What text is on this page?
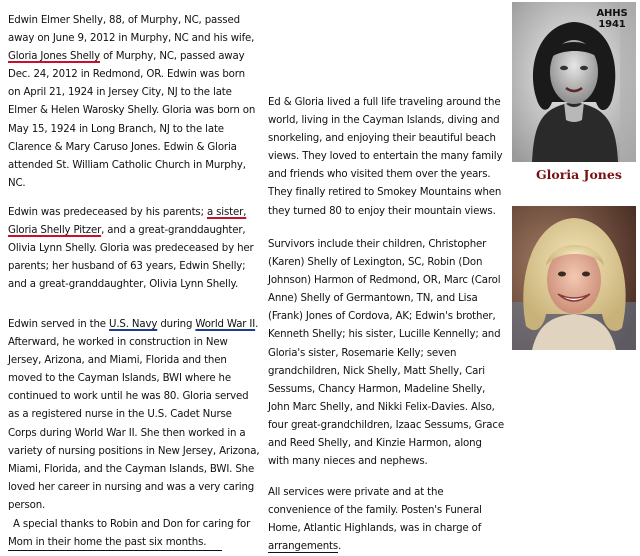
Edwin Elmer Shelly, 88, of Murphy, NC, passed away on June 9, 2012 in Murphy, NC and his wife, Gloria Jones Shelly of Murphy, NC, passed away Dec. 24, 2012 in Redmond, OR. Edwin was born on April 21, 1924 in Jersey City, NJ to the late Elmer & Helen Warosky Shelly. Gloria was born on May 15, 1924 in Long Branch, NJ to the late Clarence & Mary Caruso Jones. Edwin & Gloria attended St. William Catholic Church in Murphy, NC.

Edwin was predeceased by his parents; a sister, Gloria Shelly Pitzer, and a great-granddaughter, Olivia Lynn Shelly. Gloria was predeceased by her parents; her husband of 63 years, Edwin Shelly; and a great-granddaughter, Olivia Lynn Shelly.

Edwin served in the U.S. Navy during World War II. Afterward, he worked in construction in New Jersey, Arizona, and Miami, Florida and then moved to the Cayman Islands, BWI where he continued to work until he was 80. Gloria served as a registered nurse in the U.S. Cadet Nurse Corps during World War II. She then worked in a variety of nursing positions in New Jersey, Arizona, Miami, Florida, and the Cayman Islands, BWI. She loved her career in nursing and was a very caring person.

A special thanks to Robin and Don for caring for Mom in their home the past six months.

Ed & Gloria lived a full life traveling around the world, living in the Cayman Islands, diving and snorkeling, and enjoying their beautiful beach views. They loved to entertain the many family and friends who visited them over the years. They finally retired to Smokey Mountains when they turned 80 to enjoy their mountain views.

Survivors include their children, Christopher (Karen) Shelly of Lexington, SC, Robin (Don Johnson) Harmon of Redmond, OR, Marc (Carol Anne) Shelly of Germantown, TN, and Lisa (Frank) Jones of Cordova, AK; Edwin's brother, Kenneth Shelly; his sister, Lucille Kennelly; and Gloria's sister, Rosemarie Kelly; seven grandchildren, Nick Shelly, Matt Shelly, Cari Sessums, Chancy Harmon, Madeline Shelly, John Marc Shelly, and Nikki Felix-Davies. Also, four great-grandchildren, Izaac Sessums, Grace and Reed Shelly, and Kinzie Harmon, along with many nieces and nephews.

All services were private and at the convenience of the family. Posten's Funeral Home, Atlantic Highlands, was in charge of arrangements.

AHHS
1941
Gloria Jones
